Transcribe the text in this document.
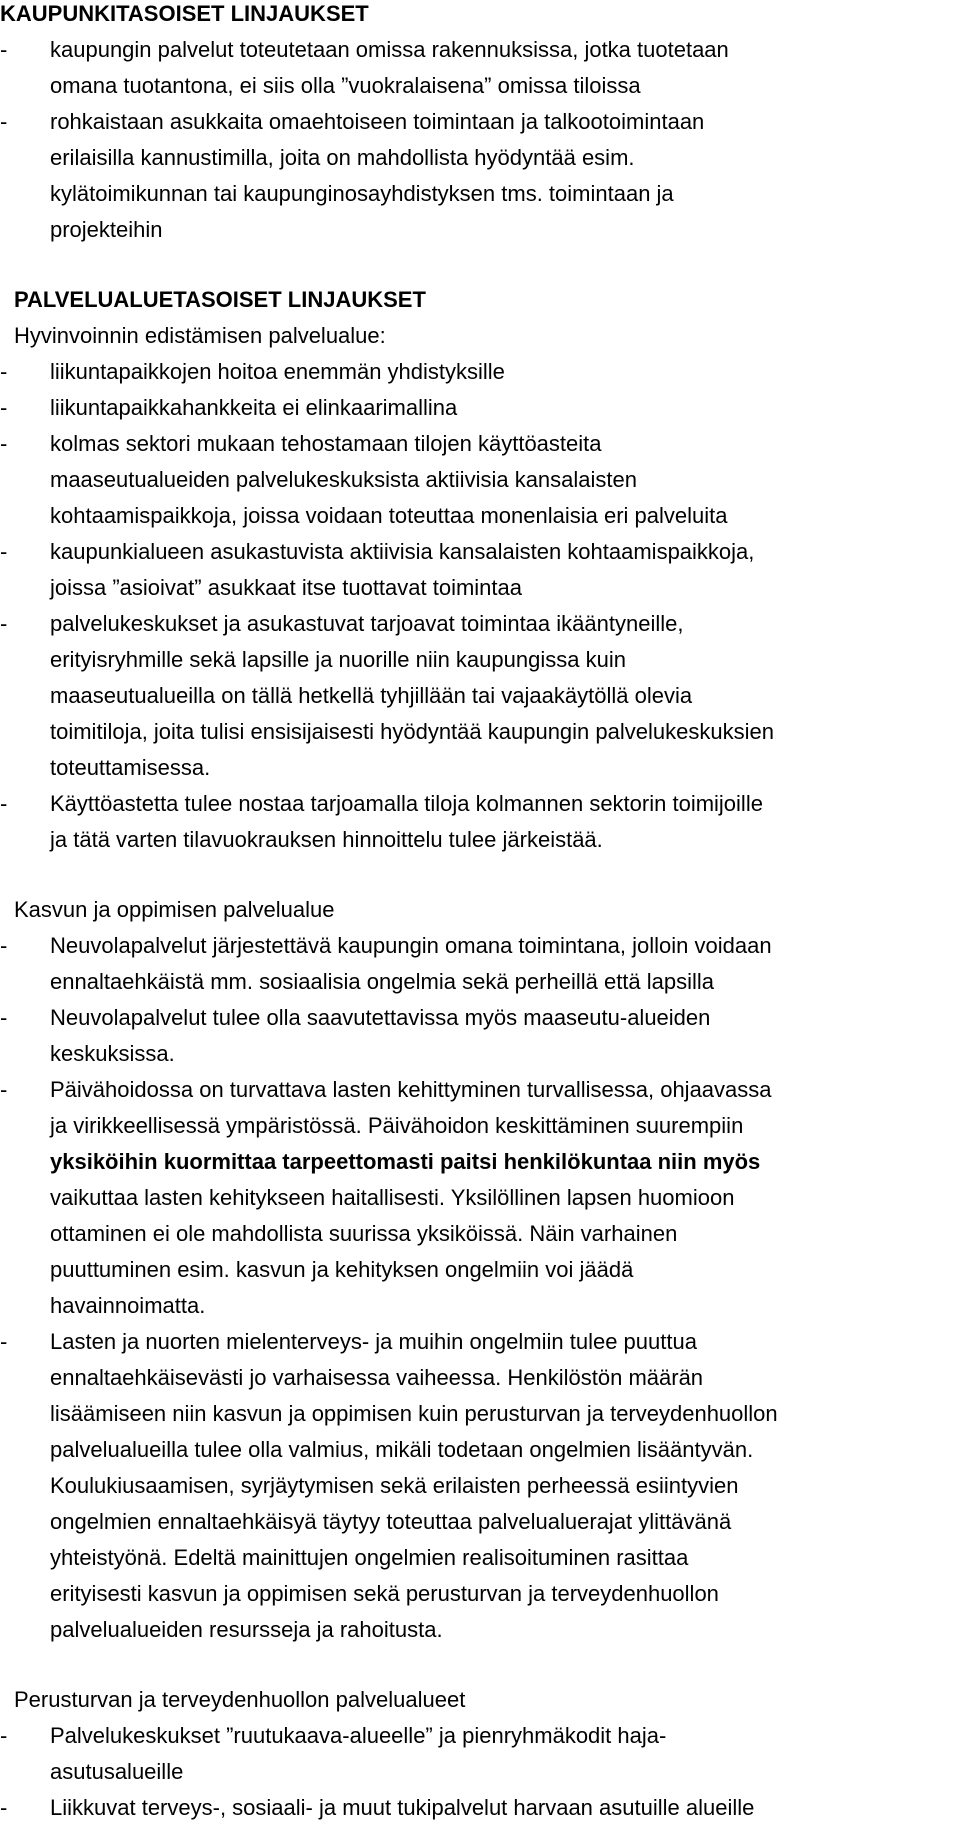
KAUPUNKITASOISET LINJAUKSET
- kaupungin palvelut toteutetaan omissa rakennuksissa, jotka tuotetaan
omana tuotantona, ei siis olla ”vuokralaisena” omissa tiloissa
- rohkaistaan asukkaita omaehtoiseen toimintaan ja talkootoimintaan
erilaisilla kannustimilla, joita on mahdollista hyödyntää esim.
kylätoimikunnan tai kaupunginosayhdistyksen tms. toimintaan ja
projekteihin
PALVELUALUETASOISET LINJAUKSET
Hyvinvoinnin edistämisen palvelualue:
- liikuntapaikkojen hoitoa enemmän yhdistyksille
- liikuntapaikkahankkeita ei elinkaarimallina
- kolmas sektori mukaan tehostamaan tilojen käyttöasteita
maaseutualueiden palvelukeskuksista aktiivisia kansalaisten
kohtaamispaikkoja, joissa voidaan toteuttaa monenlaisia eri palveluita
- kaupunkialueen asukastuvista aktiivisia kansalaisten kohtaamispaikkoja,
joissa ”asioivat” asukkaat itse tuottavat toimintaa
- palvelukeskukset ja asukastuvat tarjoavat toimintaa ikääntyneille,
erityisryhmille sekä lapsille ja nuorille niin kaupungissa kuin
maaseutualueilla on tällä hetkellä tyhjillään tai vajaakäytöllä olevia
toimitiloja, joita tulisi ensisijaisesti hyödyntää kaupungin palvelukeskuksien
toteuttamisessa.
- Käyttöastetta tulee nostaa tarjoamalla tiloja kolmannen sektorin toimijoille
ja tätä varten tilavuokrauksen hinnoittelu tulee järkeistää.
Kasvun ja oppimisen palvelualue
- Neuvolapalvelut järjestettävä kaupungin omana toimintana, jolloin voidaan
ennaltaehkäistä mm. sosiaalisia ongelmia sekä perheillä että lapsilla
- Neuvolapalvelut tulee olla saavutettavissa myös maaseutu-alueiden
keskuksissa.
- Päivähoidossa on turvattava lasten kehittyminen turvallisessa, ohjaavassa
ja virikkeellisessä ympäristössä. Päivähoidon keskittäminen suurempiin
yksiköihin kuormittaa tarpeettomasti paitsi henkilökuntaa niin myös
vaikuttaa lasten kehitykseen haitallisesti. Yksilöllinen lapsen huomioon
ottaminen ei ole mahdollista suurissa yksiköissä. Näin varhainen
puuttuminen esim. kasvun ja kehityksen ongelmiin voi jäädä
havainnoimatta.
- Lasten ja nuorten mielenterveys- ja muihin ongelmiin tulee puuttua
ennaltaehkäisevästi jo varhaisessa vaiheessa. Henkilöstön määrän
lisäämiseen niin kasvun ja oppimisen kuin perusturvan ja terveydenhuollon
palvelualueilla tulee olla valmius, mikäli todetaan ongelmien lisääntyvän.
Koulukiusaamisen, syrjäytymisen sekä erilaisten perheessä esiintyvien
ongelmien ennaltaehkäisyä täytyy toteuttaa palvelualuerajat ylittävänä
yhteistyönä. Edeltä mainittujen ongelmien realisoituminen rasittaa
erityisesti kasvun ja oppimisen sekä perusturvan ja terveydenhuollon
palvelualueiden resursseja ja rahoitusta.
Perusturvan ja terveydenhuollon palvelualueet
- Palvelukeskukset ”ruutukaava-alueelle” ja pienryhmäkodit haja-
asutusalueille
- Liikkuvat terveys-, sosiaali- ja muut tukipalvelut harvaan asutuille alueille
